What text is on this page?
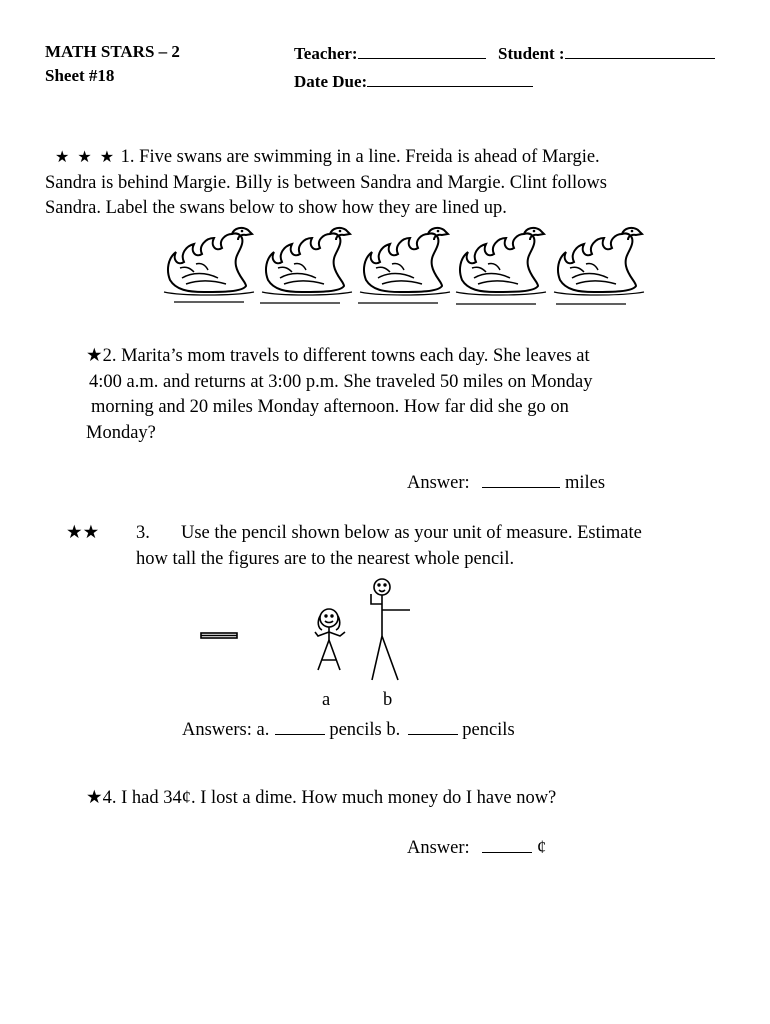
MATH STARS – 2
Sheet #18
Teacher:	Student :
Date Due:
★ ★ ★ 1. Five swans are swimming in a line. Freida is ahead of Margie.
Sandra is behind Margie. Billy is between Sandra and Margie. Clint follows
Sandra. Label the swans below to show how they are lined up.
★2. Marita’s mom travels to different towns each day. She leaves at
4:00 a.m. and returns at 3:00 p.m. She traveled 50 miles on Monday
morning and 20 miles Monday afternoon. How far did she go on
Monday?
Answer:	miles
★★ 3.	Use the pencil shown below as your unit of measure. Estimate
how tall the figures are to the nearest whole pencil.
a	b
Answers: a.	pencils b.	pencils
★4. I had 34¢. I lost a dime. How much money do I have now?
Answer:	¢
